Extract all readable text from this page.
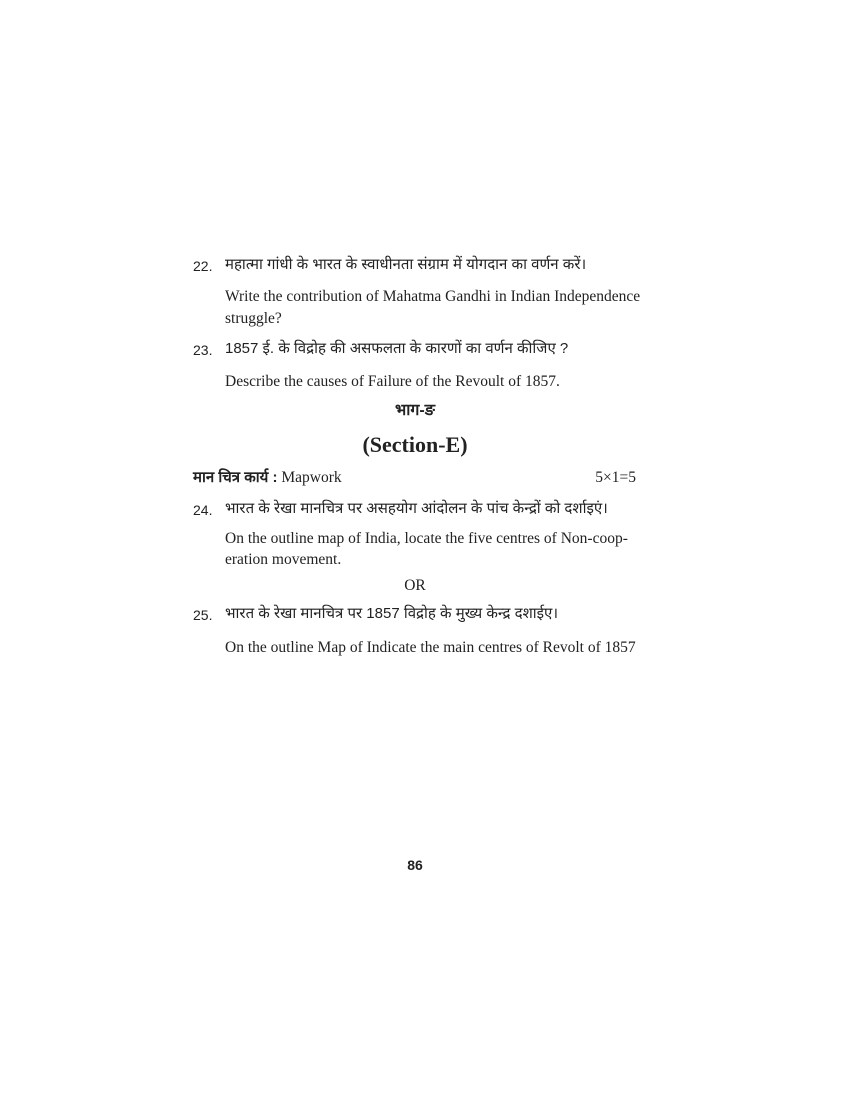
22. महात्मा गांधी के भारत के स्वाधीनता संग्राम में योगदान का वर्णन करें।
Write the contribution of Mahatma Gandhi in Indian Independence
struggle?
23. 1857 ई. के विद्रोह की असफलता के कारणों का वर्णन कीजिए ?
Describe the causes of Failure of the Revoult of 1857.
भाग-ङ
(Section-E)
मान चित्र कार्य : Mapwork	5×1=5
24. भारत के रेखा मानचित्र पर असहयोग आंदोलन के पांच केन्द्रों को दर्शाइएं।
On the outline map of India, locate the five centres of Non-coop-
eration movement.
OR
25. भारत के रेखा मानचित्र पर 1857 विद्रोह के मुख्य केन्द्र दशाईए।
On the outline Map of Indicate the main centres of Revolt of 1857
86
